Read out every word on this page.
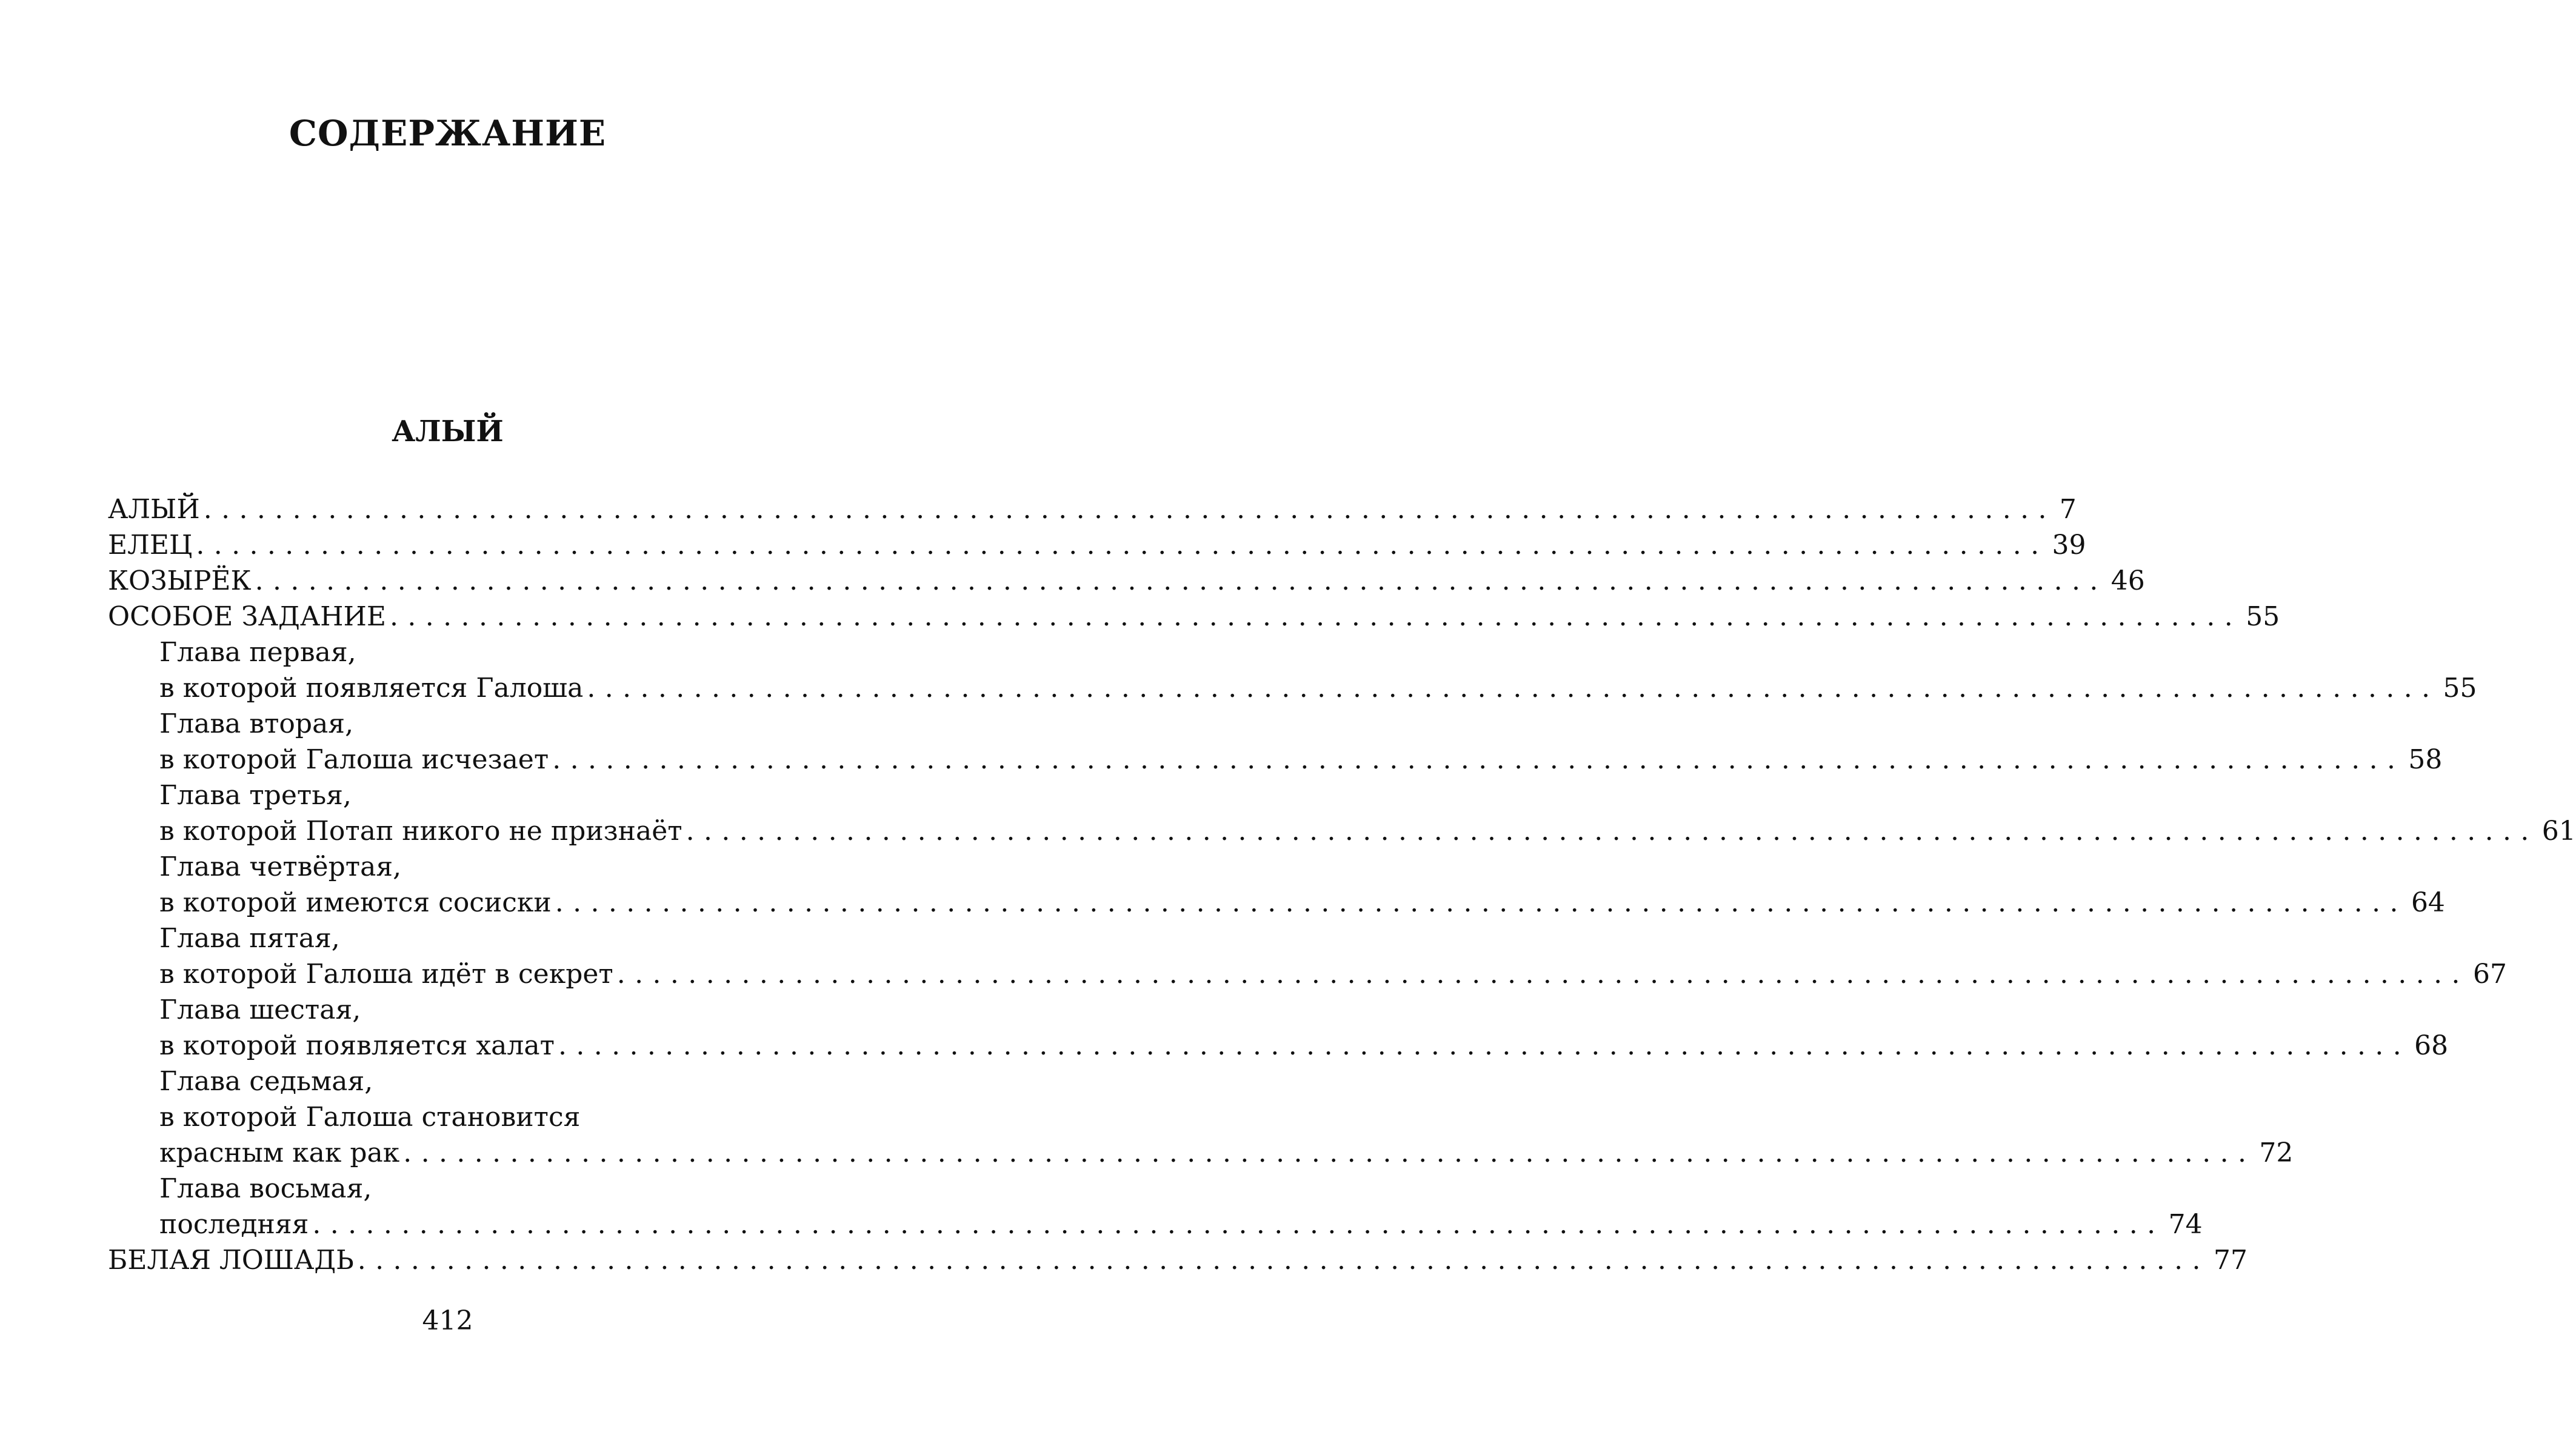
СОДЕРЖАНИЕ
АЛЫЙ
АЛЫЙ ........................................................................................................ 7
ЕЛЕЦ ........................................................................................................ 39
КОЗЫРЁК ........................................................................................................ 46
ОСОБОЕ ЗАДАНИЕ ........................................................................................................ 55
Глава первая,
в которой появляется Галоша ........................................................................................................ 55
Глава вторая,
в которой Галоша исчезает ........................................................................................................ 58
Глава третья,
в которой Потап никого не признаёт ........................................................................................................ 61
Глава четвёртая,
в которой имеются сосиски ........................................................................................................ 64
Глава пятая,
в которой Галоша идёт в секрет ........................................................................................................ 67
Глава шестая,
в которой появляется халат ........................................................................................................ 68
Глава седьмая,
в которой Галоша становится
красным как рак ........................................................................................................ 72
Глава восьмая,
последняя ........................................................................................................ 74
БЕЛАЯ ЛОШАДЬ ........................................................................................................ 77
412
